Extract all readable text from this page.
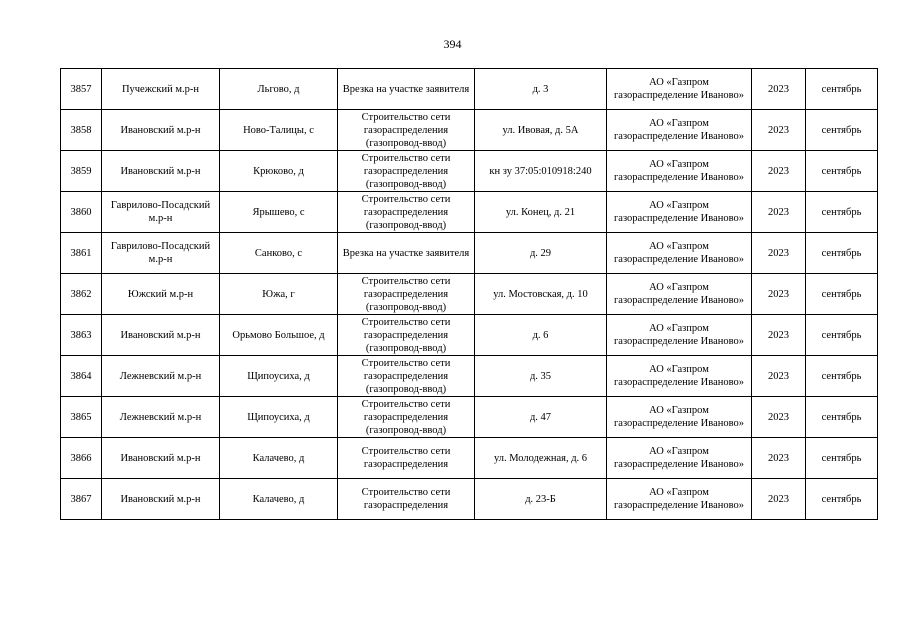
394
3857	Пучежский м.р-н	Льгово, д	Врезка на участке заявителя	д. 3	АО «Газпром газораспределение Иваново»	2023	сентябрь
3858	Ивановский м.р-н	Ново-Талицы, с	Строительство сети газораспределения (газопровод-ввод)	ул. Ивовая, д. 5А	АО «Газпром газораспределение Иваново»	2023	сентябрь
3859	Ивановский м.р-н	Крюково, д	Строительство сети газораспределения (газопровод-ввод)	кн зу 37:05:010918:240	АО «Газпром газораспределение Иваново»	2023	сентябрь
3860	Гаврилово-Посадский м.р-н	Ярышево, с	Строительство сети газораспределения (газопровод-ввод)	ул. Конец, д. 21	АО «Газпром газораспределение Иваново»	2023	сентябрь
3861	Гаврилово-Посадский м.р-н	Санково, с	Врезка на участке заявителя	д. 29	АО «Газпром газораспределение Иваново»	2023	сентябрь
3862	Южский м.р-н	Южа, г	Строительство сети газораспределения (газопровод-ввод)	ул. Мостовская, д. 10	АО «Газпром газораспределение Иваново»	2023	сентябрь
3863	Ивановский м.р-н	Орьмово Большое, д	Строительство сети газораспределения (газопровод-ввод)	д. 6	АО «Газпром газораспределение Иваново»	2023	сентябрь
3864	Лежневский м.р-н	Щипоусиха, д	Строительство сети газораспределения (газопровод-ввод)	д. 35	АО «Газпром газораспределение Иваново»	2023	сентябрь
3865	Лежневский м.р-н	Щипоусиха, д	Строительство сети газораспределения (газопровод-ввод)	д. 47	АО «Газпром газораспределение Иваново»	2023	сентябрь
3866	Ивановский м.р-н	Калачево, д	Строительство сети газораспределения	ул. Молодежная, д. 6	АО «Газпром газораспределение Иваново»	2023	сентябрь
3867	Ивановский м.р-н	Калачево, д	Строительство сети газораспределения	д. 23-Б	АО «Газпром газораспределение Иваново»	2023	сентябрь
